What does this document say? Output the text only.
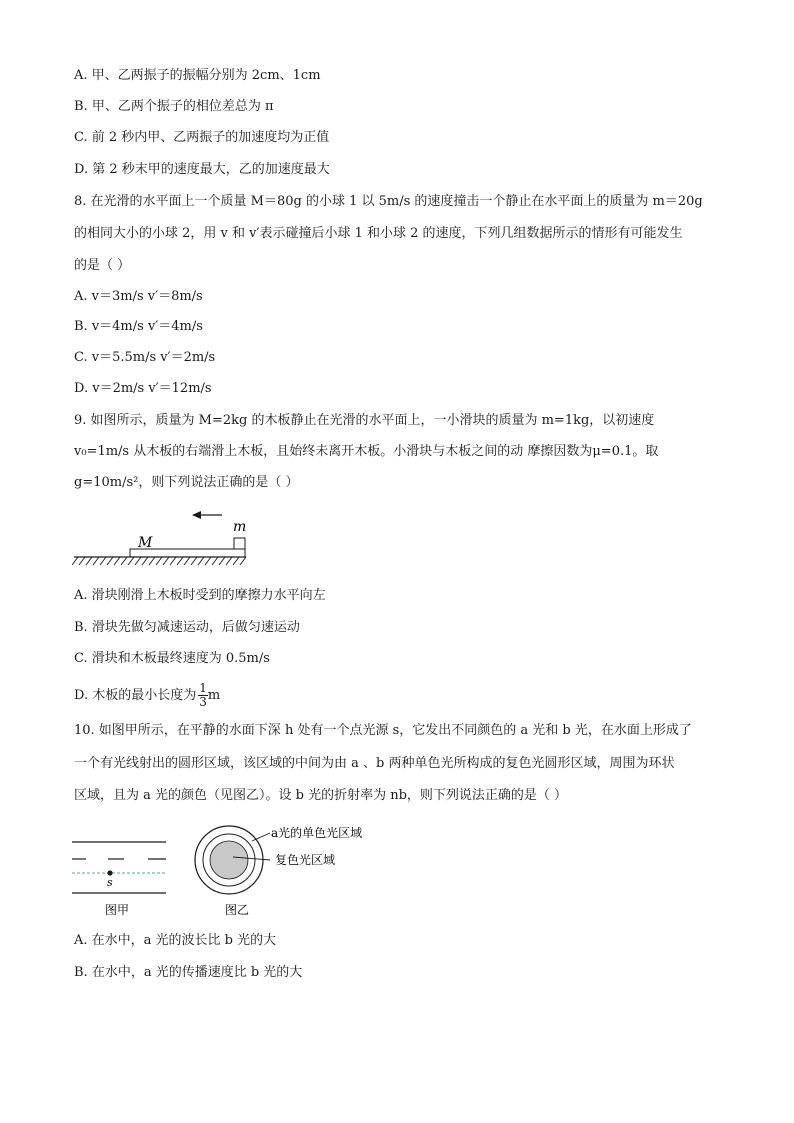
A. 甲、乙两振子的振幅分别为 2cm、1cm
B. 甲、乙两个振子的相位差总为 π
C. 前 2 秒内甲、乙两振子的加速度均为正值
D. 第 2 秒末甲的速度最大，乙的加速度最大
8. 在光滑的水平面上一个质量 M＝80g 的小球 1 以 5m/s 的速度撞击一个静止在水平面上的质量为 m＝20g
的相同大小的小球 2，用 v 和 v′表示碰撞后小球 1 和小球 2 的速度，下列几组数据所示的情形有可能发生
的是（ ）
A. v＝3m/s v′＝8m/s
B. v＝4m/s v′＝4m/s
C. v＝5.5m/s v′＝2m/s
D. v＝2m/s v′＝12m/s
9. 如图所示，质量为 M=2kg 的木板静止在光滑的水平面上，一小滑块的质量为 m=1kg，以初速度
v₀=1m/s 从木板的右端滑上木板，且始终未离开木板。小滑块与木板之间的动 摩擦因数为μ=0.1。取
g=10m/s²，则下列说法正确的是（ ）
m
M
A. 滑块刚滑上木板时受到的摩擦力水平向左
B. 滑块先做匀减速运动，后做匀速运动
C. 滑块和木板最终速度为 0.5m/s
D. 木板的最小长度为 $\frac{1}{3}$ m
10. 如图甲所示，在平静的水面下深 h 处有一个点光源 s，它发出不同颜色的 a 光和 b 光，在水面上形成了
一个有光线射出的圆形区域，该区域的中间为由 a 、b 两种单色光所构成的复色光圆形区域，周围为环状
区域，且为 a 光的颜色（见图乙）。设 b 光的折射率为 nb，则下列说法正确的是（ ）
s
图甲
a光的单色光区域
复色光区域
图乙
A. 在水中，a 光的波长比 b 光的大
B. 在水中，a 光的传播速度比 b 光的大
